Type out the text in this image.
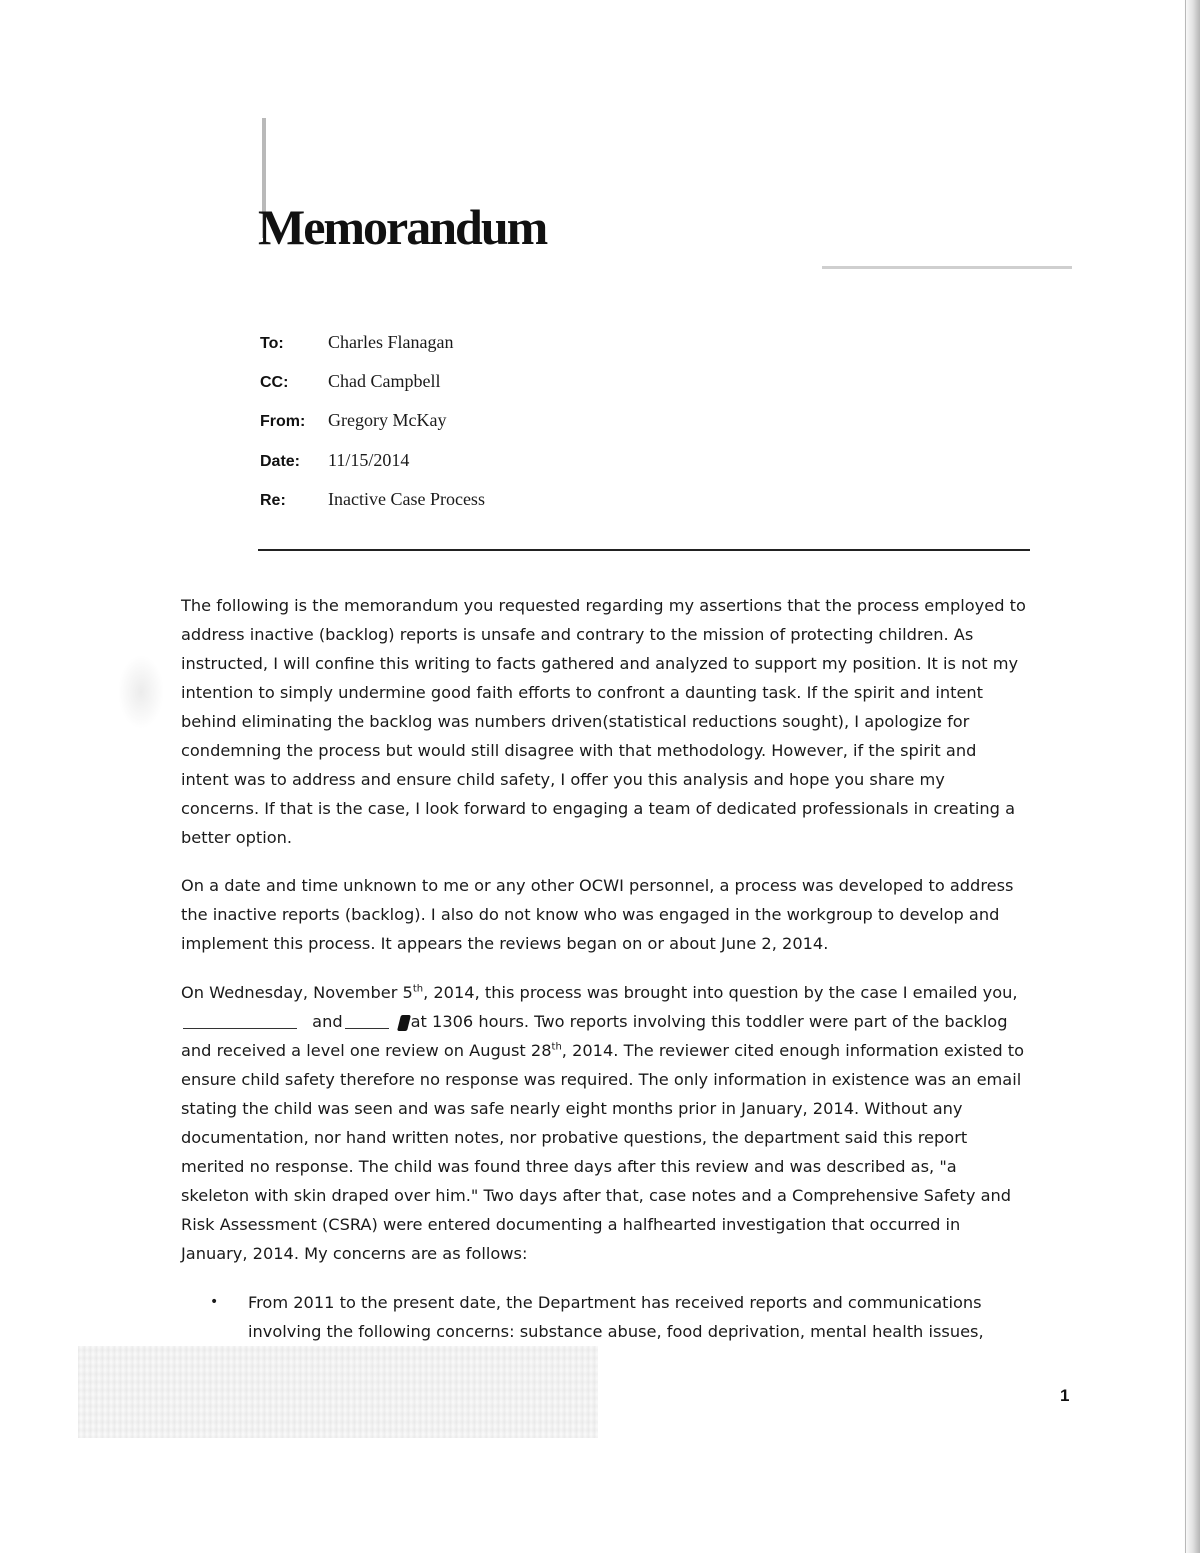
Memorandum
To:	Charles Flanagan
CC:	Chad Campbell
From:	Gregory McKay
Date:	11/15/2014
Re:	Inactive Case Process

The following is the memorandum you requested regarding my assertions that the process employed to address inactive (backlog) reports is unsafe and contrary to the mission of protecting children. As instructed, I will confine this writing to facts gathered and analyzed to support my position. It is not my intention to simply undermine good faith efforts to confront a daunting task. If the spirit and intent behind eliminating the backlog was numbers driven(statistical reductions sought), I apologize for condemning the process but would still disagree with that methodology. However, if the spirit and intent was to address and ensure child safety, I offer you this analysis and hope you share my concerns. If that is the case, I look forward to engaging a team of dedicated professionals in creating a better option.

On a date and time unknown to me or any other OCWI personnel, a process was developed to address the inactive reports (backlog). I also do not know who was engaged in the workgroup to develop and implement this process. It appears the reviews began on or about June 2, 2014.

On Wednesday, November 5th, 2014, this process was brought into question by the case I emailed you, and	at 1306 hours. Two reports involving this toddler were part of the backlog and received a level one review on August 28th, 2014. The reviewer cited enough information existed to ensure child safety therefore no response was required. The only information in existence was an email stating the child was seen and was safe nearly eight months prior in January, 2014. Without any documentation, nor hand written notes, nor probative questions, the department said this report merited no response. The child was found three days after this review and was described as, "a skeleton with skin draped over him." Two days after that, case notes and a Comprehensive Safety and Risk Assessment (CSRA) were entered documenting a halfhearted investigation that occurred in January, 2014. My concerns are as follows:

•	From 2011 to the present date, the Department has received reports and communications involving the following concerns: substance abuse, food deprivation, mental health issues,
1
